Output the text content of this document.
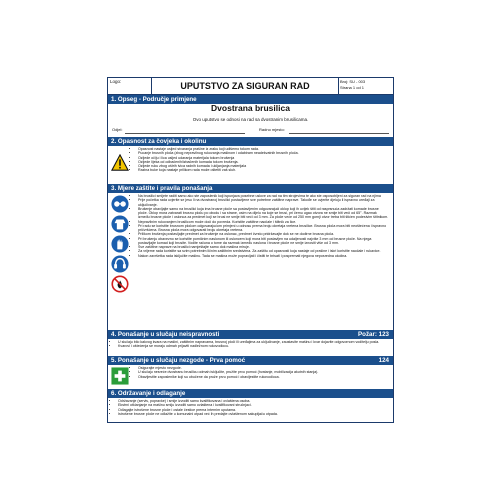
Logo:	UPUTSTVO ZA SIGURAN RAD	Broj: SU - 003
Strana 1 od 1
1. Opseg - Područje primjene
Dvostrana brusilica
Ovo uputstvo se odnosi na rad sa dvostranim brusilicama.
Odjel:	Radno mjesto:
2. Opasnost za čovjeka i okolinu
• Opasnost nastaje usljed stvaranja prašine iz zraku koji udišemo tokom rada.
• Pucanje brusnih ploča (zbog nepravilnog rukovanja mašinom i odabiram neadekvatnih brusnih ploča.
• Ozljede očiju i lica usljed udaranja materijala tokom brušenja
• Ozljede lijeka od odbačenih/izbačenih komada tokom brušenja.
• Ozljede ruku zbog oštrih ivica radnih komada i ukljanjanja materijala
• Razina buke koja nastaje prilikom rada može oštetiti vaš sluh.
3. Mjere zaštite i pravila ponašanja
• Na brusilici smijete raditi samo ako ste zaposlenik koji ispunjava posebne uslove za rad na tim strojevima te ako ste osposobljeni za siguran rad na njima
• Prije početka rada uvjerite se jesu li na dvostranoj brusilici postavljene sve potrebne zaštitne naprave. Takođe se uvjerite djeluju li ispravno uređaji za uključivanje.
• Brušenje obavljajte samo na brusilici koja ima brusne ploče sa postavljenim odgovarajući oklop koji ih uvijek štiti od rasprsnuća zadržati komade brusne ploče. Oklop mora zatvarati brusnu ploču po obodu i sa strane, osim na dijelu na koje se brusi, pri čemu ugao otvora ne smije biti veći od 65°. Razmak između brusne ploče i oslonca za predmet koji se brusi ne smije biti veći od 3 mm. Za ploče veće od 250 mm gornji otvor treba biti štićen podesivim štitnikom.
• Nepravilnim rukovanjem brusilicom može doći do povreda. Koristite zaštitne naočale i štitnik za lice.
• Pri radu se koristite brusnom pločom odgovarajućom primjeni u odnosu prema broju okretaja vretena brusilice. Brusna ploča mora biti neoštećena i ispravno pričvršćena. Brusna ploča mora odgovarati broju okretaja vretena.
• Prilikom brušenja postavljajte predmet za brušenje na oslonac, predmet čvrsto pridržavajte dok se ne dodirne brusna ploča.
• Pri brušenju obavezno se koristite pomičnim naslonom ili osloncem koji mora biti postavljen na udaljenosti najviše 3 mm od brusne ploče. Na njega postavljajte komad koji brusite. Vodite računa o tome da razmak između naslona i brusne ploče ne smije iznositi više od 3 mm.
• Sve zaštitne naprave na brusilici namještajte samo dok mašina miruje.
• Za vrijeme rada koristite sa svim potrebnim ličnim zaštitnim sredstvima. Za zaštitu od opasnosti koja nastaje od prašine i iskri koristite naočale i rukavice.
• Nakon završetka rada isključite mašinu. Tada se mašina može popravljati i čistiti te brisati i pospremati njegova neposredna okolina.
4. Ponašanje u slučaju neispravnosti	Požar: 123
• U slučaju bilo kakvog kvara na mašini, zaštitnim napravama, brusnoj ploči ili uređajima za uključivanje, zaustavite mašinu i kvar dojavite odgovornom voditelju posla.
• Kvarovi i oštećenja se moraju odmah prijaviti nadležnom rukovodiocu.
5. Ponašanje u slučaju nezgode - Prva pomoć	124
• Osigurajte mjesto nezgode.
• U slučaju nesreće dvostranu brusilicu odmah isključite, pružite prvu pomoć (hvatanje, mobilizacija akutnih stanja).
• Obavijestite zaposlenike koji su obučene da pruže prvu pomoć i obavijestite rukovodioca.
6. Održavanje i odlaganje
• Održavanje (servis, popravke) i smije izvoditi samo kvalifikovana i ovlaštena osoba.
• Ekstrni otklanjanje na mašinu smiju izvoditi samo ovlaštena i kvalifikovani stručnjaci.
• Odlagajte istrošene brusne ploče i ostale čestice prema internim uputama.
• Istrošene brusne ploče ne odlažite u komunalni otpad već ih predajte ovlaštenom sakupljaču otpada.
